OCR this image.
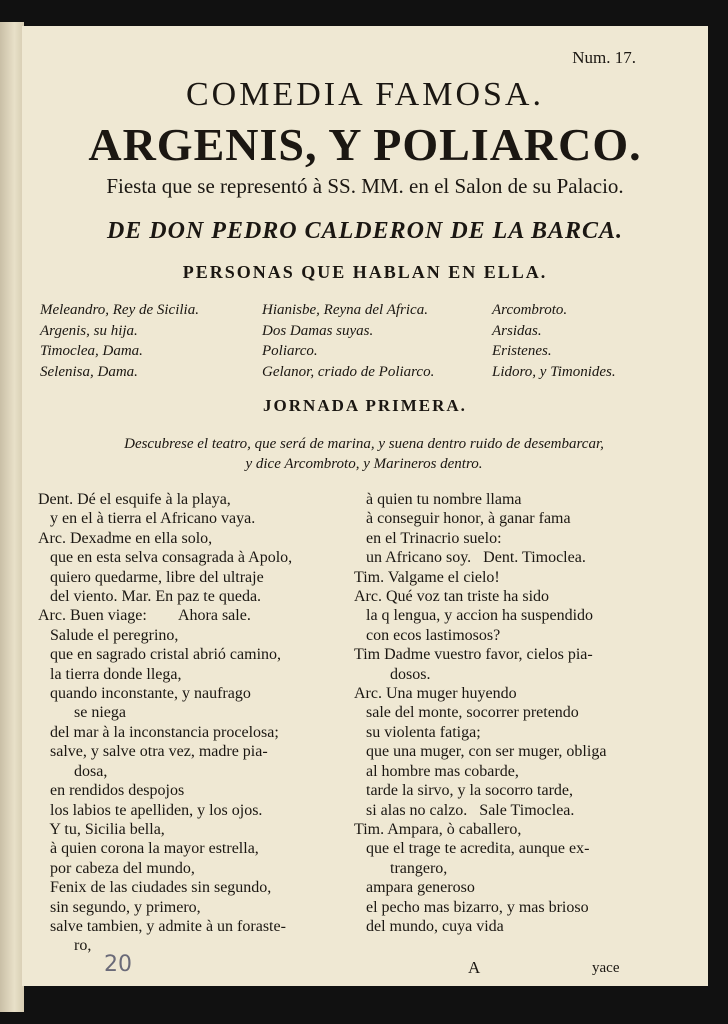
Num. 17.
COMEDIA FAMOSA.
ARGENIS, Y POLIARCO.
Fiesta que se representó à SS. MM. en el Salon de su Palacio.
DE DON PEDRO CALDERON DE LA BARCA.
PERSONAS QUE HABLAN EN ELLA.
Meleandro, Rey de Sicilia.
Argenis, su hija.
Timoclea, Dama.
Selenisa, Dama.
Hianisbe, Reyna del Africa.
Dos Damas suyas.
Poliarco.
Gelanor, criado de Poliarco.
Arcombroto.
Arsidas.
Eristenes.
Lidoro, y Timonides.
JORNADA PRIMERA.
Descubrese el teatro, que será de marina, y suena dentro ruido de desembarcar,
y dice Arcombroto, y Marineros dentro.
Dent. Dé el esquife à la playa,
y en el à tierra el Africano vaya.
Arc. Dexadme en ella solo,
que en esta selva consagrada à Apolo,
quiero quedarme, libre del ultraje
del viento. Mar. En paz te queda.
Arc. Buen viage:        Ahora sale.
Salude el peregrino,
que en sagrado cristal abrió camino,
la tierra donde llega,
quando inconstante, y naufrago
se niega
del mar à la inconstancia procelosa;
salve, y salve otra vez, madre pia-
dosa,
en rendidos despojos
los labios te apelliden, y los ojos.
Y tu, Sicilia bella,
à quien corona la mayor estrella,
por cabeza del mundo,
Fenix de las ciudades sin segundo,
sin segundo, y primero,
salve tambien, y admite à un foraste-
ro,
à quien tu nombre llama
à conseguir honor, à ganar fama
en el Trinacrio suelo:
un Africano soy.   Dent. Timoclea.
Tim. Valgame el cielo!
Arc. Qué voz tan triste ha sido
la q lengua, y accion ha suspendido
con ecos lastimosos?
Tim Dadme vuestro favor, cielos pia-
dosos.
Arc. Una muger huyendo
sale del monte, socorrer pretendo
su violenta fatiga;
que una muger, con ser muger, obliga
al hombre mas cobarde,
tarde la sirvo, y la socorro tarde,
si alas no calzo.   Sale Timoclea.
Tim. Ampara, ò caballero,
que el trage te acredita, aunque ex-
trangero,
ampara generoso
el pecho mas bizarro, y mas brioso
del mundo, cuya vida
20	A	yace
